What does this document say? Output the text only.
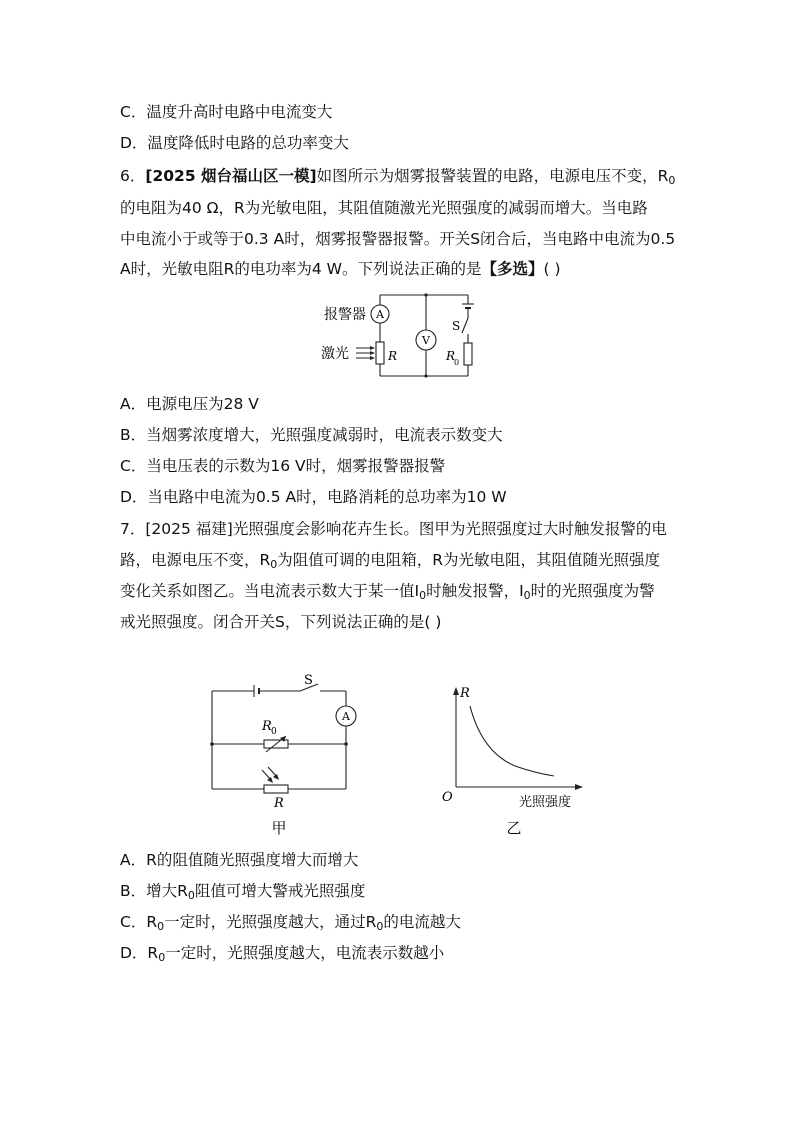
C．温度升高时电路中电流变大
D．温度降低时电路的总功率变大
6．[2025 烟台福山区一模]如图所示为烟雾报警装置的电路，电源电压不变，$R_0$
的电阻为40 Ω，R为光敏电阻，其阻值随激光光照强度的减弱而增大。当电路
中电流小于或等于0.3 A时，烟雾报警器报警。开关S闭合后，当电路中电流为0.5
A时，光敏电阻R的电功率为4 W。下列说法正确的是【多选】( )
A
V
报警器
激光	R
S
R
0
A．电源电压为28 V
B．当烟雾浓度增大，光照强度减弱时，电流表示数变大
C．当电压表的示数为16 V时，烟雾报警器报警
D．当电路中电流为0.5 A时，电路消耗的总功率为10 W
7．[2025 福建]光照强度会影响花卉生长。图甲为光照强度过大时触发报警的电
路，电源电压不变，$R_0$为阻值可调的电阻箱，R为光敏电阻，其阻值随光照强度
变化关系如图乙。当电流表示数大于某一值$I_0$时触发报警，$I_0$时的光照强度为警
戒光照强度。闭合开关S，下列说法正确的是( )
S
A
R 0
R
甲
R
O	光照强度
乙
A．R的阻值随光照强度增大而增大
B．增大$R_0$阻值可增大警戒光照强度
C．$R_0$一定时，光照强度越大，通过$R_0$的电流越大
D．$R_0$一定时，光照强度越大，电流表示数越小
